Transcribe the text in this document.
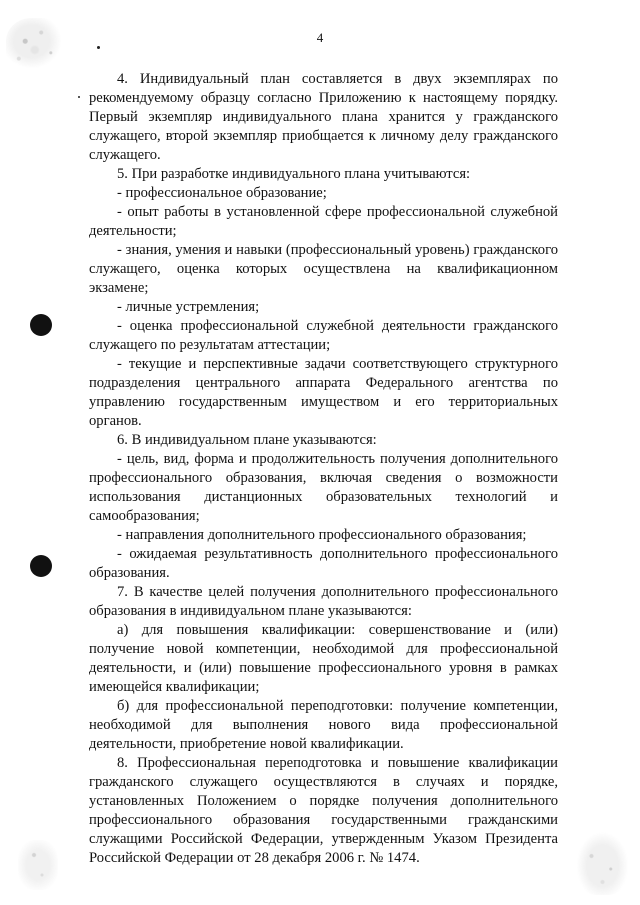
4

4. Индивидуальный план составляется в двух экземплярах по рекомендуемому образцу согласно Приложению к настоящему порядку. Первый экземпляр индивидуального плана хранится у гражданского служащего, второй экземпляр приобщается к личному делу гражданского служащего.

5. При разработке индивидуального плана учитываются:

- профессиональное образование;

- опыт работы в установленной сфере профессиональной служебной деятельности;

- знания, умения и навыки (профессиональный уровень) гражданского служащего, оценка которых осуществлена на квалификационном экзамене;

- личные устремления;

- оценка профессиональной служебной деятельности гражданского служащего по результатам аттестации;

- текущие и перспективные задачи соответствующего структурного подразделения центрального аппарата Федерального агентства по управлению государственным имуществом и его территориальных органов.

6. В индивидуальном плане указываются:

- цель, вид, форма и продолжительность получения дополнительного профессионального образования, включая сведения о возможности использования дистанционных образовательных технологий и самообразования;

- направления дополнительного профессионального образования;

- ожидаемая результативность дополнительного профессионального образования.

7. В качестве целей получения дополнительного профессионального образования в индивидуальном плане указываются:

а) для повышения квалификации: совершенствование и (или) получение новой компетенции, необходимой для профессиональной деятельности, и (или) повышение профессионального уровня в рамках имеющейся квалификации;

б) для профессиональной переподготовки: получение компетенции, необходимой для выполнения нового вида профессиональной деятельности, приобретение новой квалификации.

8. Профессиональная переподготовка и повышение квалификации гражданского служащего осуществляются в случаях и порядке, установленных Положением о порядке получения дополнительного профессионального образования государственными гражданскими служащими Российской Федерации, утвержденным Указом Президента Российской Федерации от 28 декабря 2006 г. № 1474.
